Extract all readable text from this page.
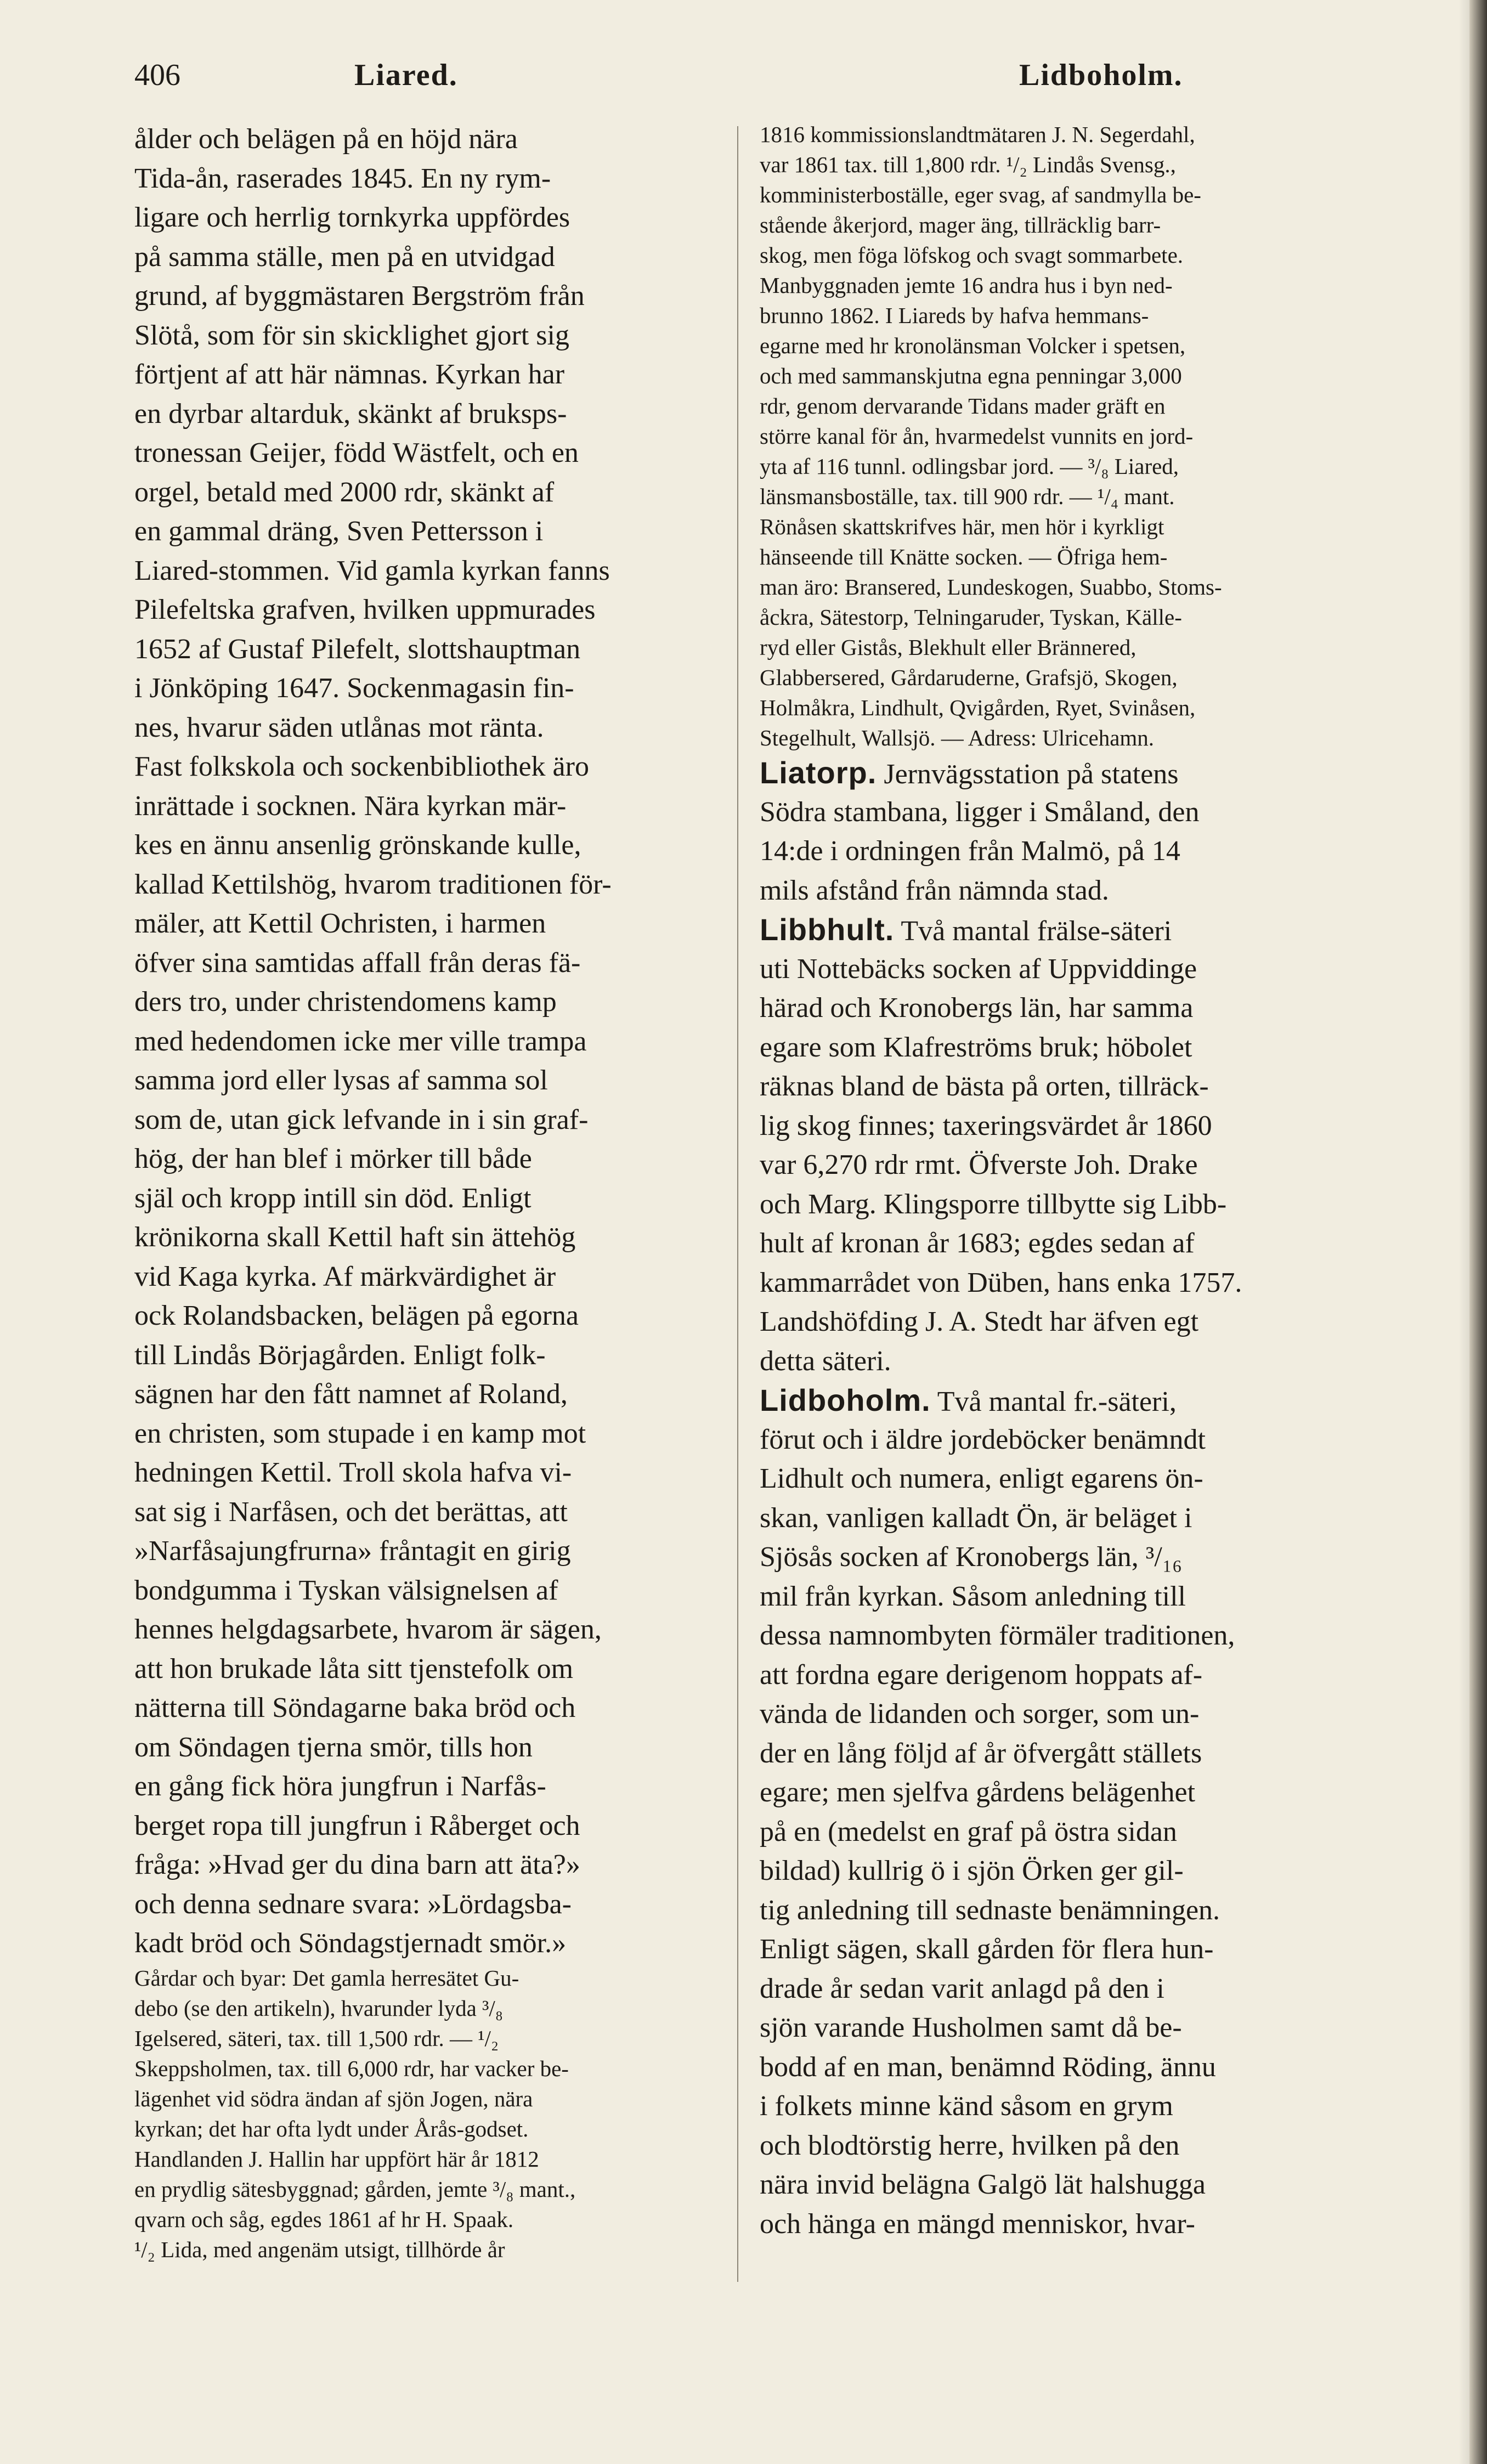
406	Liared.	Lidboholm.
ålder och belägen på en höjd nära
Tida-ån, raserades 1845. En ny rym-
ligare och herrlig tornkyrka uppfördes
på samma ställe, men på en utvidgad
grund, af byggmästaren Bergström från
Slötå, som för sin skicklighet gjort sig
förtjent af att här nämnas. Kyrkan har
en dyrbar altarduk, skänkt af bruksps-
tronessan Geijer, född Wästfelt, och en
orgel, betald med 2000 rdr, skänkt af
en gammal dräng, Sven Pettersson i
Liared-stommen. Vid gamla kyrkan fanns
Pilefeltska grafven, hvilken uppmurades
1652 af Gustaf Pilefelt, slottshauptman
i Jönköping 1647. Sockenmagasin fin-
nes, hvarur säden utlånas mot ränta.
Fast folkskola och sockenbibliothek äro
inrättade i socknen. Nära kyrkan mär-
kes en ännu ansenlig grönskande kulle,
kallad Kettilshög, hvarom traditionen för-
mäler, att Kettil Ochristen, i harmen
öfver sina samtidas affall från deras fä-
ders tro, under christendomens kamp
med hedendomen icke mer ville trampa
samma jord eller lysas af samma sol
som de, utan gick lefvande in i sin graf-
hög, der han blef i mörker till både
själ och kropp intill sin död. Enligt
krönikorna skall Kettil haft sin ättehög
vid Kaga kyrka. Af märkvärdighet är
ock Rolandsbacken, belägen på egorna
till Lindås Börjagården. Enligt folk-
sägnen har den fått namnet af Roland,
en christen, som stupade i en kamp mot
hedningen Kettil. Troll skola hafva vi-
sat sig i Narfåsen, och det berättas, att
»Narfåsajungfrurna» fråntagit en girig
bondgumma i Tyskan välsignelsen af
hennes helgdagsarbete, hvarom är sägen,
att hon brukade låta sitt tjenstefolk om
nätterna till Söndagarne baka bröd och
om Söndagen tjerna smör, tills hon
en gång fick höra jungfrun i Narfås-
berget ropa till jungfrun i Råberget och
fråga: »Hvad ger du dina barn att äta?»
och denna sednare svara: »Lördagsba-
kadt bröd och Söndagstjernadt smör.»
Gårdar och byar: Det gamla herresätet Gu-
debo (se den artikeln), hvarunder lyda ³/₈
Igelsered, säteri, tax. till 1,500 rdr. — ¹/₂
Skeppsholmen, tax. till 6,000 rdr, har vacker be-
lägenhet vid södra ändan af sjön Jogen, nära
kyrkan; det har ofta lydt under Årås-godset.
Handlanden J. Hallin har uppfört här år 1812
en prydlig sätesbyggnad; gården, jemte ³/₈ mant.,
qvarn och såg, egdes 1861 af hr H. Spaak.
¹/₂ Lida, med angenäm utsigt, tillhörde år
1816 kommissionslandtmätaren J. N. Segerdahl,
var 1861 tax. till 1,800 rdr. ¹/₂ Lindås Svensg.,
komministerboställe, eger svag, af sandmylla be-
stående åkerjord, mager äng, tillräcklig barr-
skog, men föga löfskog och svagt sommarbete.
Manbyggnaden jemte 16 andra hus i byn ned-
brunno 1862. I Liareds by hafva hemmans-
egarne med hr kronolänsman Volcker i spetsen,
och med sammanskjutna egna penningar 3,000
rdr, genom dervarande Tidans mader gräft en
större kanal för ån, hvarmedelst vunnits en jord-
yta af 116 tunnl. odlingsbar jord. — ³/₈ Liared,
länsmansboställe, tax. till 900 rdr. — ¹/₄ mant.
Rönåsen skattskrifves här, men hör i kyrkligt
hänseende till Knätte socken. — Öfriga hem-
man äro: Bransered, Lundeskogen, Suabbo, Stoms-
åckra, Sätestorp, Telningaruder, Tyskan, Källe-
ryd eller Gistås, Blekhult eller Brännered,
Glabbersered, Gårdaruderne, Grafsjö, Skogen,
Holmåkra, Lindhult, Qvigården, Ryet, Svinåsen,
Stegelhult, Wallsjö. — Adress: Ulricehamn.
Liatorp. Jernvägsstation på statens
Södra stambana, ligger i Småland, den
14:de i ordningen från Malmö, på 14
mils afstånd från nämnda stad.
Libbhult. Två mantal frälse-säteri
uti Nottebäcks socken af Uppviddinge
härad och Kronobergs län, har samma
egare som Klafreströms bruk; höbolet
räknas bland de bästa på orten, tillräck-
lig skog finnes; taxeringsvärdet år 1860
var 6,270 rdr rmt. Öfverste Joh. Drake
och Marg. Klingsporre tillbytte sig Libb-
hult af kronan år 1683; egdes sedan af
kammarrådet von Düben, hans enka 1757.
Landshöfding J. A. Stedt har äfven egt
detta säteri.
Lidboholm. Två mantal fr.-säteri,
förut och i äldre jordeböcker benämndt
Lidhult och numera, enligt egarens ön-
skan, vanligen kalladt Ön, är beläget i
Sjösås socken af Kronobergs län, ³/₁₆
mil från kyrkan. Såsom anledning till
dessa namnombyten förmäler traditionen,
att fordna egare derigenom hoppats af-
vända de lidanden och sorger, som un-
der en lång följd af år öfvergått ställets
egare; men sjelfva gårdens belägenhet
på en (medelst en graf på östra sidan
bildad) kullrig ö i sjön Örken ger gil-
tig anledning till sednaste benämningen.
Enligt sägen, skall gården för flera hun-
drade år sedan varit anlagd på den i
sjön varande Husholmen samt då be-
bodd af en man, benämnd Röding, ännu
i folkets minne känd såsom en grym
och blodtörstig herre, hvilken på den
nära invid belägna Galgö lät halshugga
och hänga en mängd menniskor, hvar-
